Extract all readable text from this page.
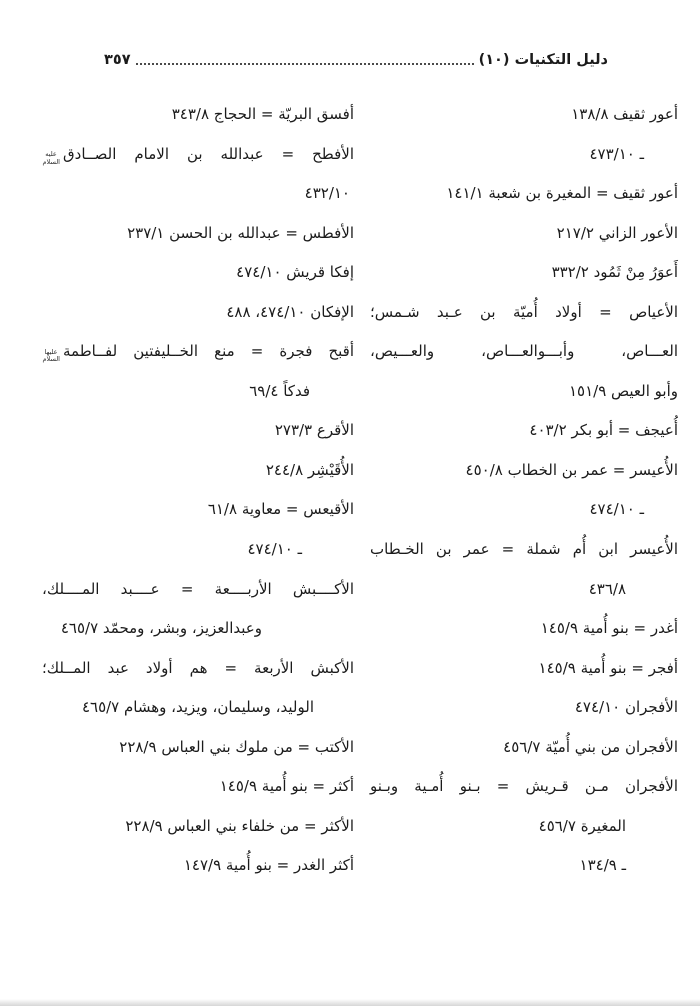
دليل التكنيات (١٠)
٣٥٧
أعور ثقيف ١٣٨/٨
ـ ٤٧٣/١٠
أعور ثقيف = المغيرة بن شعبة ١٤١/١
الأعور الزاني ٢١٧/٢
أَعوَرُ مِنْ ثَمُود ٣٣٢/٢
الأعياص = أولاد أُميّة بن عـبد شـمس؛
العـــاص، وأبـــوالعـــاص، والعـــيص،
وأبو العيص ١٥١/٩
أُعيجف = أبو بكر ٤٠٣/٢
الأُعيسر = عمر بن الخطاب ٤٥٠/٨
ـ ٤٧٤/١٠
الأُعيسر ابن أُم شملة = عمر بن الخـطاب
٤٣٦/٨
أغدر = بنو أُمية ١٤٥/٩
أفجر = بنو أُمية ١٤٥/٩
الأفجران ٤٧٤/١٠
الأفجران من بني أُميّة ٤٥٦/٧
الأفجران مـن قـريش = بـنو أُمـية وبـنو
المغيرة ٤٥٦/٧
ـ ١٣٤/٩
أفسق البريّة = الحجاج ٣٤٣/٨
الأفطح = عبدالله بن الامام الصــادقعليه السلام
٤٣٢/١٠
الأفطس = عبدالله بن الحسن ٢٣٧/١
إفكا قريش ٤٧٤/١٠
الإفكان ٤٧٤/١٠، ٤٨٨
أقبح فجرة = منع الخــليفتين لفــاطمةعليها السلام
فدكاً ٦٩/٤
الأقرع ٢٧٣/٣
الأُقَيْشِر ٢٤٤/٨
الأقيعس = معاوية ٦١/٨
ـ ٤٧٤/١٠
الأكــــبش الأربــــعة = عــــبد المــــلك،
وعبدالعزيز، وبشر، ومحمّد ٤٦٥/٧
الأكبش الأربعة = هم أولاد عبد المــلك؛
الوليد، وسليمان، ويزيد، وهشام ٤٦٥/٧
الأكتب = من ملوك بني العباس ٢٢٨/٩
أكثر = بنو أُمية ١٤٥/٩
الأكثر = من خلفاء بني العباس ٢٢٨/٩
أكثر الغدر = بنو أُمية ١٤٧/٩
